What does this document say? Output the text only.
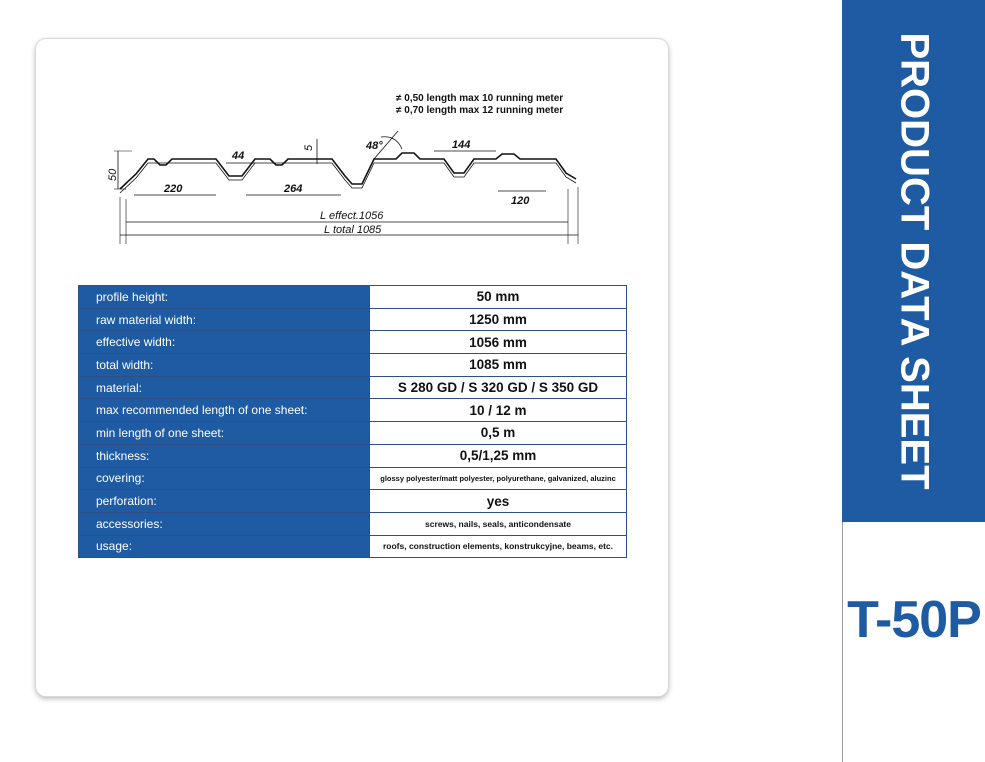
≠ 0,50 length max 10 running meter
≠ 0,70 length max 12 running meter
50
220
44
264
5	48°	144
120
L effect.1056
L total 1085
profile height:	50 mm
raw material width:	1250 mm
effective width:	1056 mm
total width:	1085 mm
material:	S 280 GD / S 320 GD / S 350 GD
max recommended length of one sheet:	10 / 12 m
min length of one sheet:	0,5 m
thickness:	0,5/1,25 mm
covering:	glossy polyester/matt polyester, polyurethane, galvanized, aluzinc
perforation:	yes
accessories:	screws, nails, seals, anticondensate
usage:	roofs, construction elements, konstrukcyjne, beams, etc.
PRODUCT DATA SHEET
T-50P
